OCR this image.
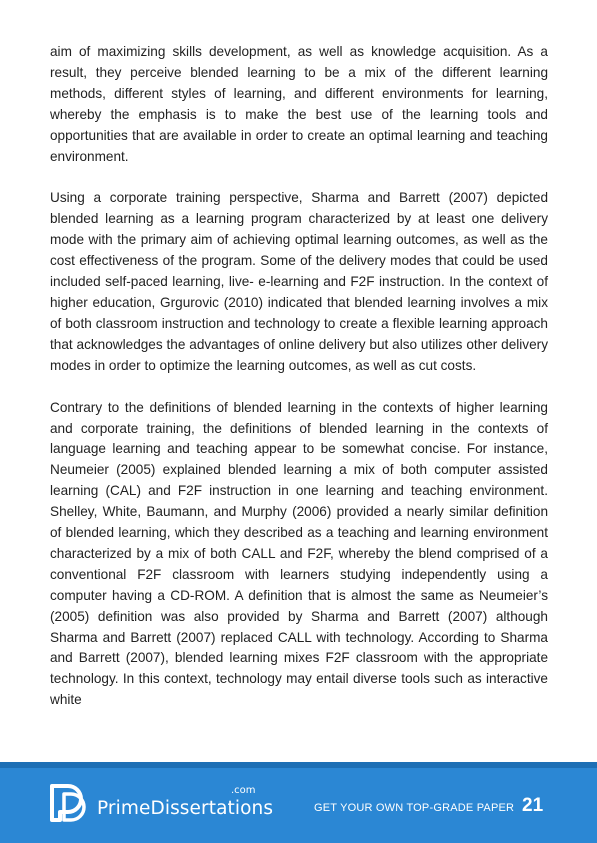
aim of maximizing skills development, as well as knowledge acquisition. As a result, they perceive blended learning to be a mix of the different learning methods, different styles of learning, and different environments for learning, whereby the emphasis is to make the best use of the learning tools and opportunities that are available in order to create an optimal learning and teaching environment.

Using a corporate training perspective, Sharma and Barrett (2007) depicted blended learning as a learning program characterized by at least one delivery mode with the primary aim of achieving optimal learning outcomes, as well as the cost effectiveness of the program. Some of the delivery modes that could be used included self-paced learning, live- e-learning and F2F instruction. In the context of higher education, Grgurovic (2010) indicated that blended learning involves a mix of both classroom instruction and technology to create a flexible learning approach that acknowledges the advantages of online delivery but also utilizes other delivery modes in order to optimize the learning outcomes, as well as cut costs.

Contrary to the definitions of blended learning in the contexts of higher learning and corporate training, the definitions of blended learning in the contexts of language learning and teaching appear to be somewhat concise. For instance, Neumeier (2005) explained blended learning a mix of both computer assisted learning (CAL) and F2F instruction in one learning and teaching environment. Shelley, White, Baumann, and Murphy (2006) provided a nearly similar definition of blended learning, which they described as a teaching and learning environment characterized by a mix of both CALL and F2F, whereby the blend comprised of a conventional F2F classroom with learners studying independently using a computer having a CD-ROM. A definition that is almost the same as Neumeier’s (2005) definition was also provided by Sharma and Barrett (2007) although Sharma and Barrett (2007) replaced CALL with technology. According to Sharma and Barrett (2007), blended learning mixes F2F classroom with the appropriate technology. In this context, technology may entail diverse tools such as interactive white

.com
PrimeDissertations	GET YOUR OWN TOP-GRADE PAPER 21
